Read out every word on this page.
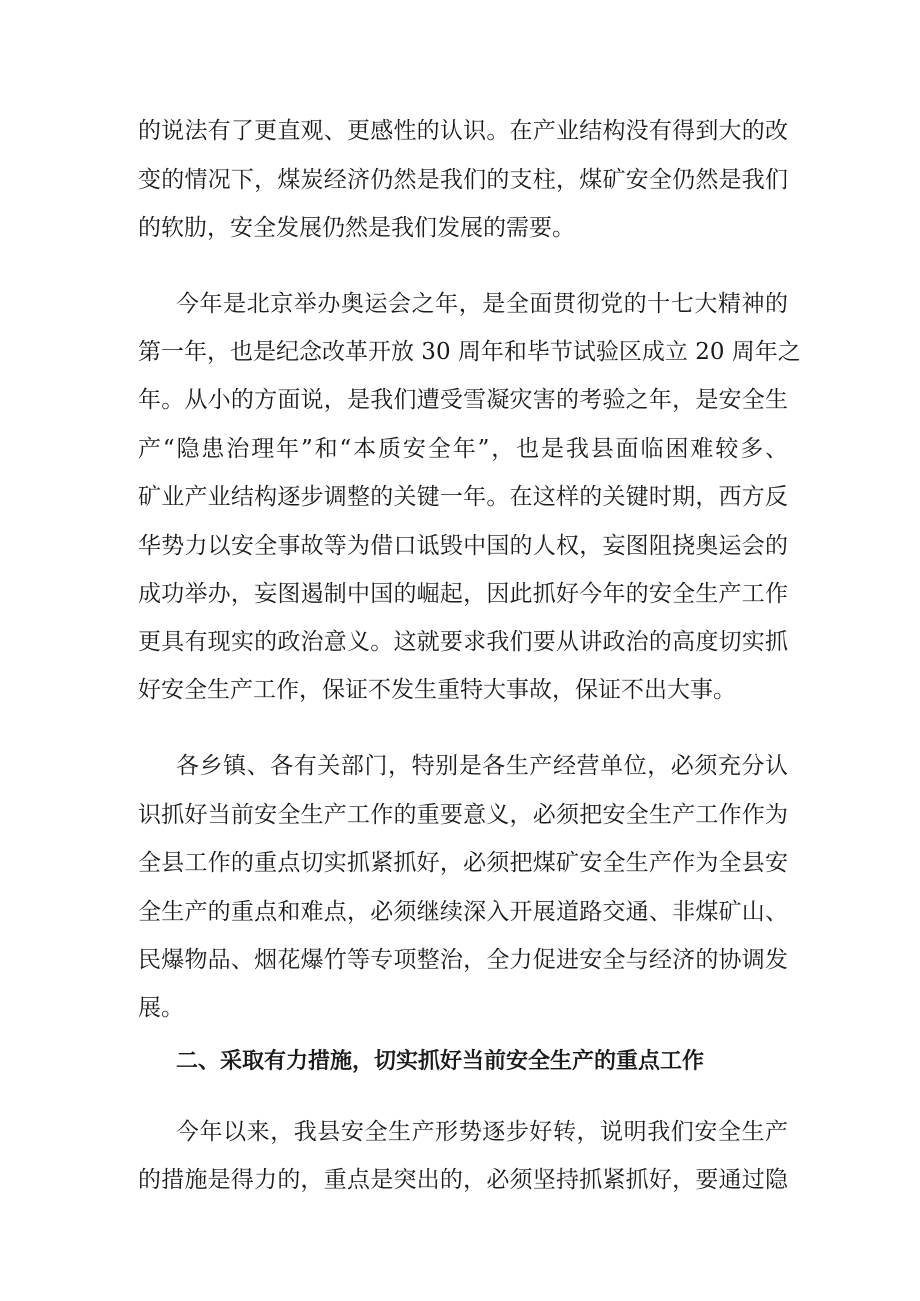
的说法有了更直观、更感性的认识。在产业结构没有得到大的改
变的情况下，煤炭经济仍然是我们的支柱，煤矿安全仍然是我们
的软肋，安全发展仍然是我们发展的需要。
今年是北京举办奥运会之年，是全面贯彻党的十七大精神的
第一年，也是纪念改革开放 30 周年和毕节试验区成立 20 周年之
年。从小的方面说，是我们遭受雪凝灾害的考验之年，是安全生
产“隐患治理年”和“本质安全年”，也是我县面临困难较多、
矿业产业结构逐步调整的关键一年。在这样的关键时期，西方反
华势力以安全事故等为借口诋毁中国的人权，妄图阻挠奥运会的
成功举办，妄图遏制中国的崛起，因此抓好今年的安全生产工作
更具有现实的政治意义。这就要求我们要从讲政治的高度切实抓
好安全生产工作，保证不发生重特大事故，保证不出大事。
各乡镇、各有关部门，特别是各生产经营单位，必须充分认
识抓好当前安全生产工作的重要意义，必须把安全生产工作作为
全县工作的重点切实抓紧抓好，必须把煤矿安全生产作为全县安
全生产的重点和难点，必须继续深入开展道路交通、非煤矿山、
民爆物品、烟花爆竹等专项整治，全力促进安全与经济的协调发
展。
二、采取有力措施，切实抓好当前安全生产的重点工作
今年以来，我县安全生产形势逐步好转，说明我们安全生产
的措施是得力的，重点是突出的，必须坚持抓紧抓好，要通过隐
